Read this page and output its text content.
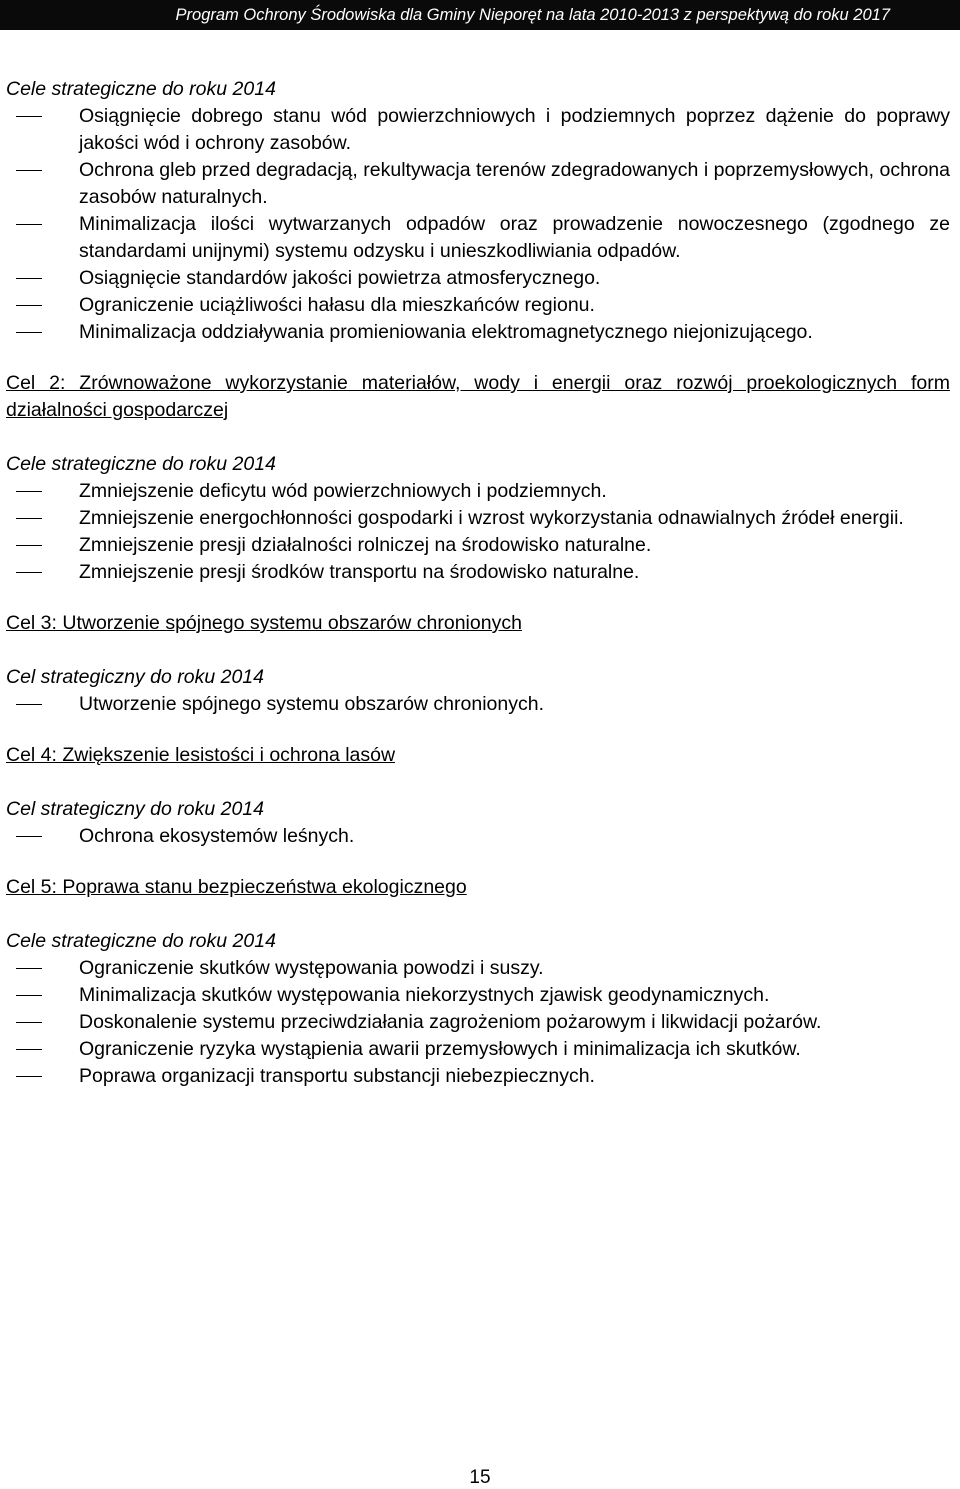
Program Ochrony Środowiska dla Gminy Nieporęt na lata 2010-2013 z perspektywą do roku 2017

Cele strategiczne do roku 2014

Osiągnięcie dobrego stanu wód powierzchniowych i podziemnych poprzez dążenie do poprawy jakości wód i ochrony zasobów.
Ochrona gleb przed degradacją, rekultywacja terenów zdegradowanych i poprzemysłowych, ochrona zasobów naturalnych.
Minimalizacja ilości wytwarzanych odpadów oraz prowadzenie nowoczesnego (zgodnego ze standardami unijnymi) systemu odzysku i unieszkodliwiania odpadów.
Osiągnięcie standardów jakości powietrza atmosferycznego.
Ograniczenie uciążliwości hałasu dla mieszkańców regionu.
Minimalizacja oddziaływania promieniowania elektromagnetycznego niejonizującego.

Cel 2: Zrównoważone wykorzystanie materiałów, wody i energii oraz rozwój proekologicznych form działalności gospodarczej

Cele strategiczne do roku 2014

Zmniejszenie deficytu wód powierzchniowych i podziemnych.
Zmniejszenie energochłonności gospodarki i wzrost wykorzystania odnawialnych źródeł energii.
Zmniejszenie presji działalności rolniczej na środowisko naturalne.
Zmniejszenie presji środków transportu na środowisko naturalne.

Cel 3: Utworzenie spójnego systemu obszarów chronionych

Cel strategiczny do roku 2014

Utworzenie spójnego systemu obszarów chronionych.

Cel 4: Zwiększenie lesistości i ochrona lasów

Cel strategiczny do roku 2014

Ochrona ekosystemów leśnych.

Cel 5: Poprawa stanu bezpieczeństwa ekologicznego

Cele strategiczne do roku 2014

Ograniczenie skutków występowania powodzi i suszy.
Minimalizacja skutków występowania niekorzystnych zjawisk geodynamicznych.
Doskonalenie systemu przeciwdziałania zagrożeniom pożarowym i likwidacji pożarów.
Ograniczenie ryzyka wystąpienia awarii przemysłowych i minimalizacja ich skutków.
Poprawa organizacji transportu substancji niebezpiecznych.
15
